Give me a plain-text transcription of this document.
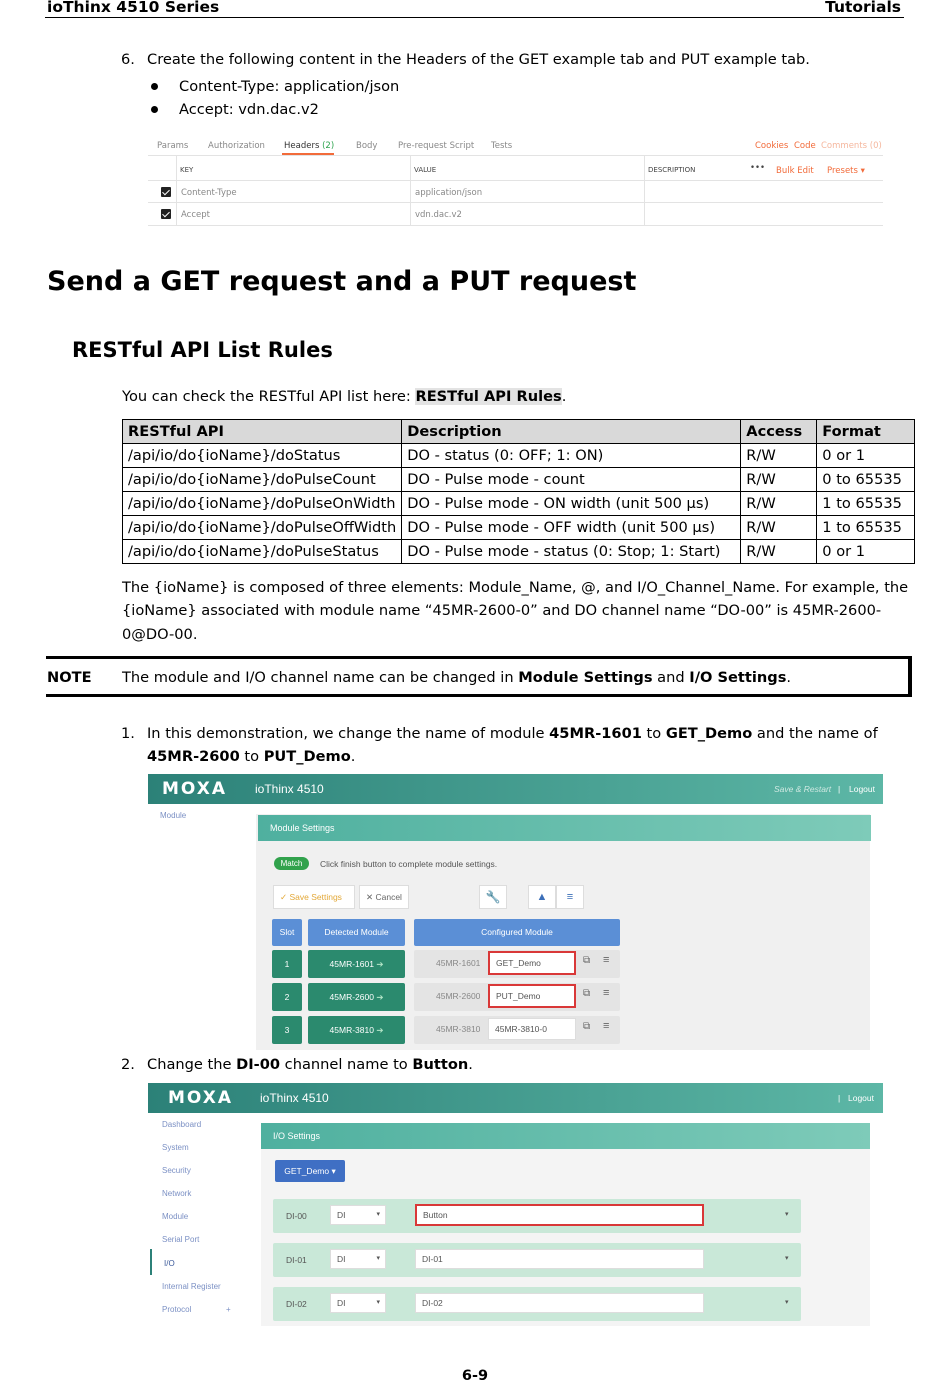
ioThinx 4510 Series	Tutorials
6. Create the following content in the Headers of the GET example tab and PUT example tab.
Content-Type: application/json
Accept: vdn.dac.v2
Params Authorization Headers (2)	Body Pre-request Script Tests	Cookies Code Comments (0)
KEY	VALUE	DESCRIPTION	••• Bulk Edit Presets ▾
Content-Type	application/json
Accept	vdn.dac.v2
Send a GET request and a PUT request
RESTful API List Rules
You can check the RESTful API list here: RESTful API Rules.
RESTful API	Description	Access	Format
/api/io/do{ioName}/doStatus	DO - status (0: OFF; 1: ON)	R/W	0 or 1
/api/io/do{ioName}/doPulseCount	DO - Pulse mode - count	R/W	0 to 65535
/api/io/do{ioName}/doPulseOnWidth	DO - Pulse mode - ON width (unit 500 µs)	R/W	1 to 65535
/api/io/do{ioName}/doPulseOffWidth	DO - Pulse mode - OFF width (unit 500 µs)	R/W	1 to 65535
/api/io/do{ioName}/doPulseStatus	DO - Pulse mode - status (0: Stop; 1: Start)	R/W	0 or 1
The {ioName} is composed of three elements: Module_Name, @, and I/O_Channel_Name. For example, the
{ioName} associated with module name “45MR-2600-0” and DO channel name “DO-00” is 45MR-2600-
0@DO-00.
NOTE The module and I/O channel name can be changed in Module Settings and I/O Settings.
1. In this demonstration, we change the name of module 45MR-1601 to GET_Demo and the name of
45MR-2600 to PUT_Demo.
MOXA ioThinx 4510	Save & Restart | Logout
Module
Module Settings
Match	Click finish button to complete module settings.
✓ Save Settings	✕ Cancel	🔧	▲	≡
Slot	Detected Module	Configured Module
1	45MR-1601 ➔	45MR-1601	GET_Demo	⧉ ≡
2	45MR-2600 ➔	45MR-2600	PUT_Demo	⧉ ≡
3	45MR-3810 ➔	45MR-3810	45MR-3810-0	⧉ ≡
2. Change the DI-00 channel name to Button.
MOXA ioThinx 4510	| Logout
Dashboard
System
Security
Network
Module
Serial Port
I/O
Internal Register
Protocol	+
I/O Settings
GET_Demo ▾
DI-00	DI	▾	Button	▾
DI-01	DI	▾	DI-01	▾
DI-02	DI	▾	DI-02	▾
6-9
